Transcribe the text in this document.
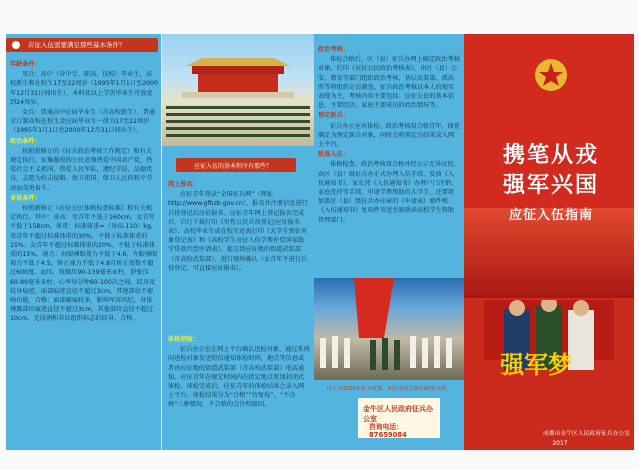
应征入伍需要满足那些基本条件？

年龄条件：

男兵：高中（含中专、职高、技校）毕业生，高校新生和在校生17至22周岁（1995年1月1日至2000年12月31日间出生），本科及以上学历毕业生可放宽到24周岁。

女兵：普通高中应届毕业生（含高校新生）、普通全日制高校在校生及应届毕业生一律为17至22周岁（1995年1月1日至2000年12月31日间出生）。

政治条件：

按照新修订的《征兵政治考核工作规定》和有关规定执行。征集服役的公民必须热爱中国共产党，热爱社会主义祖国，热爱人民军队，遵纪守法，品德优良，志愿为抗击侵略、保卫祖国、保卫人民的和平劳动而英勇奋斗。

身体条件：

按照新修订《应征公民体格检查标准》和有关规定执行。其中：身高：男青年不低于160cm，女青年不低于158cm。体重：标准体重=（身高-110）kg，男青年不超过标准体重的30%，不低于标准体重的15%；女青年不超过标准体重的20%，不低于标准体重的15%。视力：右眼裸眼视力不低于4.6，左眼裸眼视力不低于4.5，矫正视力不低于4.8且矫正度数不超过600度。血压，收缩压90-139毫米汞柱，舒张压60-89毫米汞柱；心率每分钟60-100次之间。纹身及纹身痕迹，面部痕迹直径不超过3cm，其他部位不影响功能，合格；面部瘢痕较多，影响军容风纪，身体裸露部位痕迹直径不超过3cm，其他部位直径不超过10cm，无浸润和非法组织标志的纹身，合格。

应征入伍的基本程序有那些？

网上报名：

应征青年登录“全国征兵网”（网址http://www.gfbzb.gov.cn），报名并注册信息进行兵役登记后应征报名。应征青年网上登记报名完成后，自行下载打印《男性公民兵役登记/应征报名表》，高校毕业生或在校生还需打印《大学生预征对象登记表》和《高校学生应征入伍学费补偿国家助学贷款代偿申请表》，提交到应征地的街道武装部（含高校武装部），进行现场确认（女青年不进行兵役登记，可直接应征报名）。

体检初检：

征兵办公室在网上平台确认送检对象，通过系统向送检对象发送短信通知体检时间，地点等信息或者由应征地的街道武装部（含高校武装部）电话通知。应征青年在规定时间内在指定地点参加封闭式体检，体检完成后，应征青年的体检结果会录入网上平台。体检结果分为“合格”“待复检”、“不合格”三种情况，不合格的会注明原因。

政治考核：

体检合格后，区（县）征兵办网上确定政治考核对象，打印《应征公民政治考核表》，由区（县）公安、教育等部门组织政治考核，基层武装部、派出所等将组织走访调查。征兵政治考核以本人的现实表现为主，考核内容主要包括：应征公民的基本信息、主要经历、家庭主要成员的政治情况等。

预定新兵：

征兵办公室对体检、政治考核双合格青年，择优确定为预定新兵对象，同时会将预定兵结果录入网上平台。

批准入伍：

体格检查、政治考核双合格并经公示无异议的，由区（县）级征兵办正式办理入伍手续，发放《入伍通知书》，家长凭《入伍通知书》办理户口注销、家庭优待等手续。申请学费资助的大学生，还要将加盖区（县）级征兵办印章的《申请表》原件和《入伍通知书》复印件寄送至原就读高校学生资助管理部门。

以上为2016年征兵政策，如有变化以新的政策为准。
金牛区人民政府征兵办公室
咨询电话：87659084
携笔从戎
强军兴国
应征入伍指南
强军梦
成都市金牛区人民政府征兵办公室
2017
